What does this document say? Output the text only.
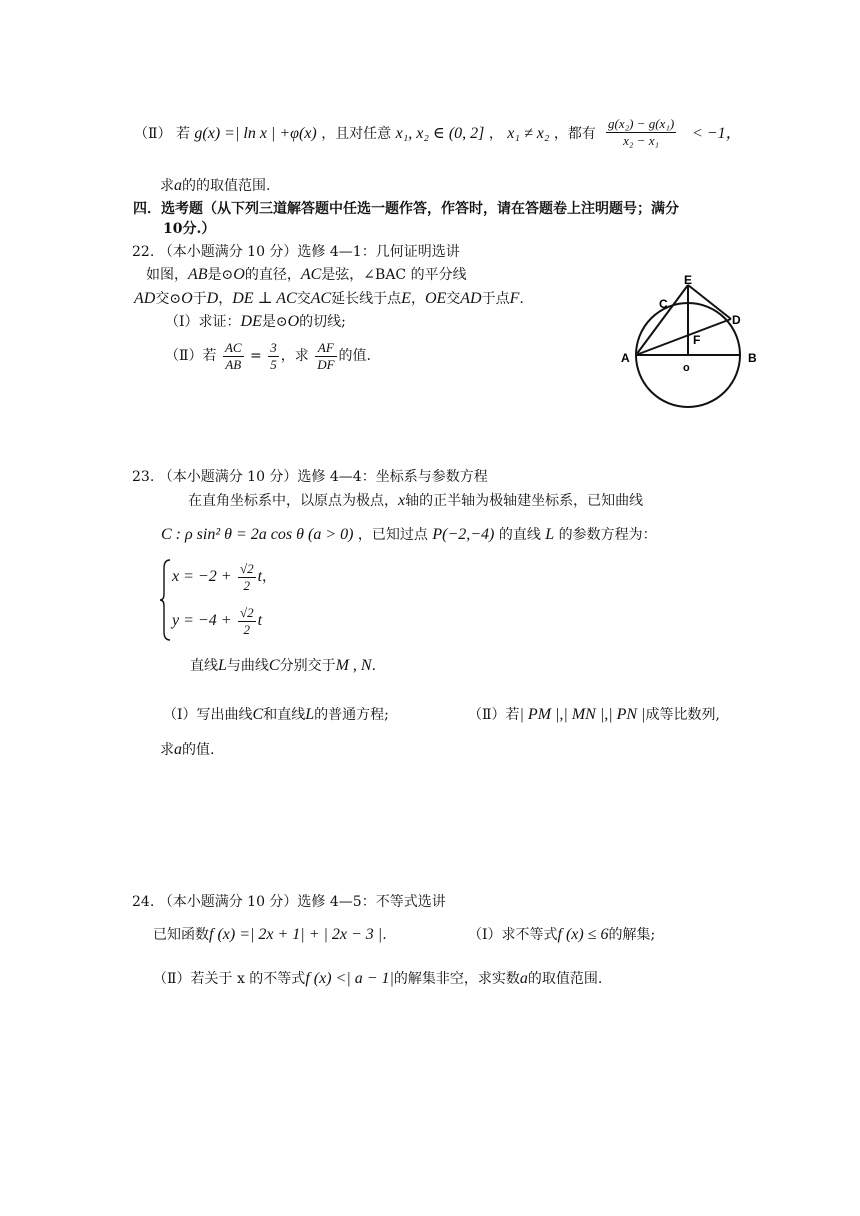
（Ⅱ） 若 g(x) =| ln x | +φ(x) ，且对任意 x₁, x₂ ∈ (0, 2] ， x₁ ≠ x₂ ，都有 $\frac{\text{g(x₂) − g(x₁)}}{\text{x₂ − x₁}} < -1$，
求a的的取值范围.
四．选考题（从下列三道解答题中任选一题作答，作答时，请在答题卷上注明题号；满分
10分.）
22. （本小题满分 10 分）选修 4—1：几何证明选讲
如图，AB是⊙O的直径，AC是弦，∠BAC 的平分线
AD交⊙O于D，DE ⊥ AC交AC延长线于点E，OE交AD于点F.
（Ⅰ）求证：DE是⊙O的切线;
（Ⅱ）若 $\frac{AC}{AB} = \frac{3}{5}$ ，求 $\frac{AF}{DF}$ 的值.
E
C
D
F
A	B
o
23. （本小题满分 10 分）选修 4—4：坐标系与参数方程
在直角坐标系中，以原点为极点，x轴的正半轴为极轴建坐标系，已知曲线
C : ρ sin² θ = 2a cos θ (a > 0) ，已知过点 P(−2,−4) 的直线 L 的参数方程为：
$x = -2 + \frac{√2}{2}$ t，
$y = -4 + \frac{√2}{2}$ t
直线L与曲线C分别交于M , N.
（Ⅰ）写出曲线C和直线L的普通方程;	（Ⅱ）若| PM |,| MN |,| PN |成等比数列,
求a的值.
24. （本小题满分 10 分）选修 4—5：不等式选讲
已知函数f (x) =| 2x + 1| + | 2x − 3 |.	（Ⅰ）求不等式f (x) ≤ 6的解集;
（Ⅱ）若关于 x 的不等式f (x) <| a − 1|的解集非空，求实数a的取值范围.
